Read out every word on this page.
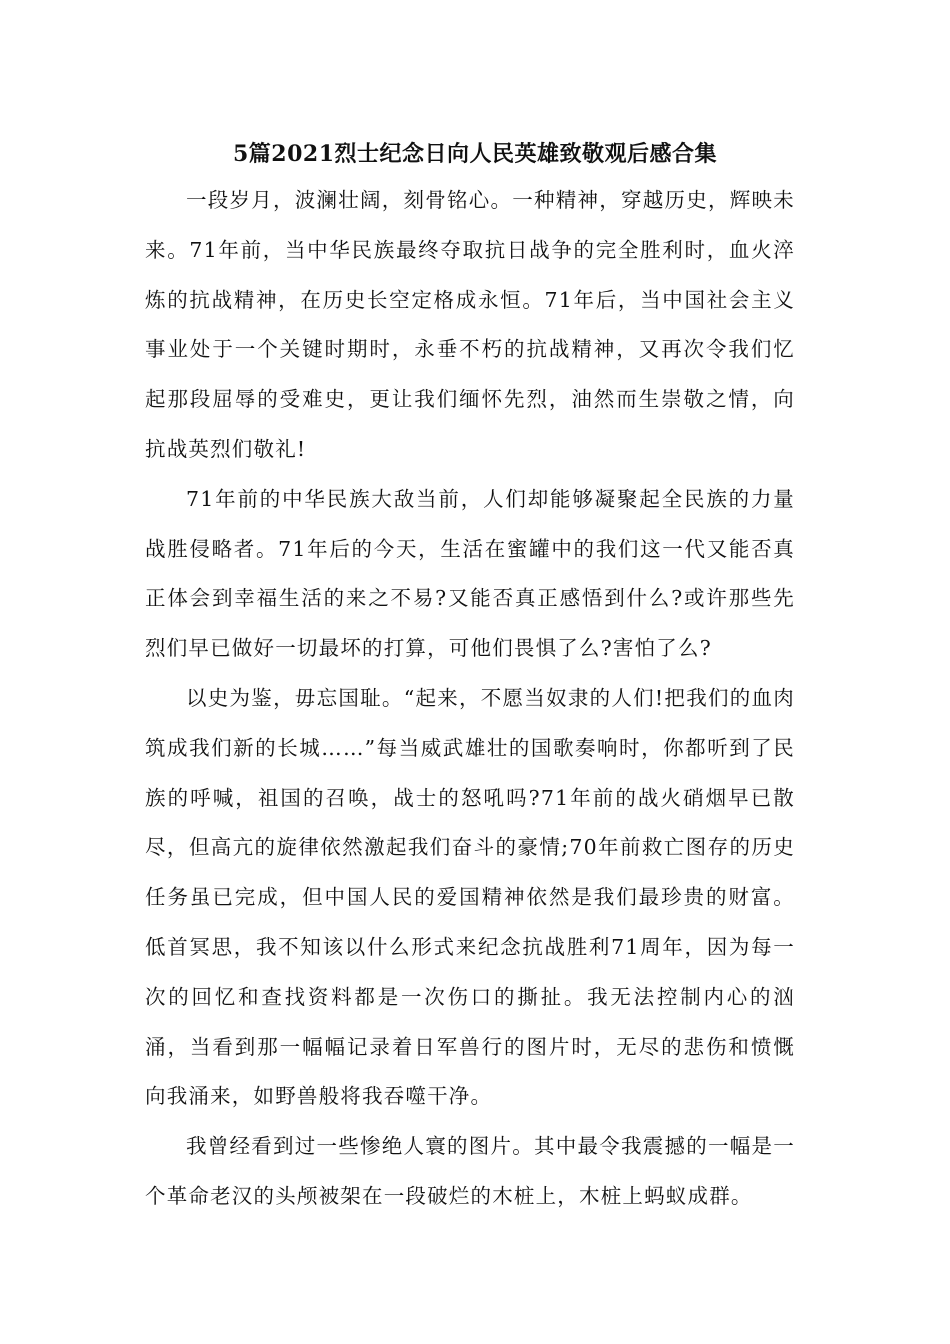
5篇2021烈士纪念日向人民英雄致敬观后感合集

一段岁月，波澜壮阔，刻骨铭心。一种精神，穿越历史，辉映未来。71年前，当中华民族最终夺取抗日战争的完全胜利时，血火淬炼的抗战精神，在历史长空定格成永恒。71年后，当中国社会主义事业处于一个关键时期时，永垂不朽的抗战精神，又再次令我们忆起那段屈辱的受难史，更让我们缅怀先烈，油然而生崇敬之情，向抗战英烈们敬礼!

71年前的中华民族大敌当前，人们却能够凝聚起全民族的力量战胜侵略者。71年后的今天，生活在蜜罐中的我们这一代又能否真正体会到幸福生活的来之不易?又能否真正感悟到什么?或许那些先烈们早已做好一切最坏的打算，可他们畏惧了么?害怕了么?

以史为鉴，毋忘国耻。“起来，不愿当奴隶的人们!把我们的血肉筑成我们新的长城……”每当威武雄壮的国歌奏响时，你都听到了民族的呼喊，祖国的召唤，战士的怒吼吗?71年前的战火硝烟早已散尽，但高亢的旋律依然激起我们奋斗的豪情;70年前救亡图存的历史任务虽已完成，但中国人民的爱国精神依然是我们最珍贵的财富。低首冥思，我不知该以什么形式来纪念抗战胜利71周年，因为每一次的回忆和查找资料都是一次伤口的撕扯。我无法控制内心的汹涌，当看到那一幅幅记录着日军兽行的图片时，无尽的悲伤和愤慨向我涌来，如野兽般将我吞噬干净。

我曾经看到过一些惨绝人寰的图片。其中最令我震撼的一幅是一个革命老汉的头颅被架在一段破烂的木桩上，木桩上蚂蚁成群。
